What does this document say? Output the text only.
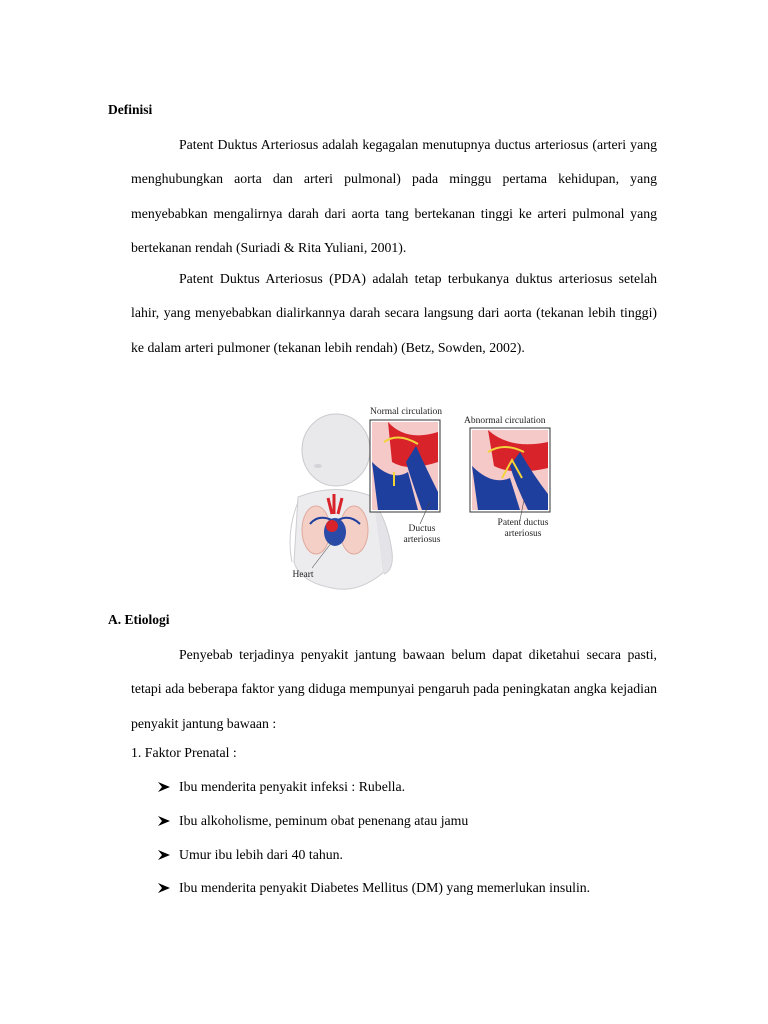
Definisi

Patent Duktus Arteriosus adalah kegagalan menutupnya ductus arteriosus (arteri yang menghubungkan aorta dan arteri pulmonal) pada minggu pertama kehidupan, yang menyebabkan mengalirnya darah dari aorta tang bertekanan tinggi ke arteri pulmonal yang bertekanan rendah (Suriadi & Rita Yuliani, 2001).

Patent Duktus Arteriosus (PDA) adalah tetap terbukanya duktus arteriosus setelah lahir, yang menyebabkan dialirkannya darah secara langsung dari aorta (tekanan lebih tinggi) ke dalam arteri pulmoner (tekanan lebih rendah) (Betz, Sowden, 2002).

Normal circulation
Abnormal circulation
Ductus
arteriosus
Patent ductus
arteriosus
Heart
A. Etiologi

Penyebab terjadinya penyakit jantung bawaan belum dapat diketahui secara pasti, tetapi ada beberapa faktor yang diduga mempunyai pengaruh pada peningkatan angka kejadian penyakit jantung bawaan :

1. Faktor Prenatal :
Ibu menderita penyakit infeksi : Rubella.
Ibu alkoholisme, peminum obat penenang atau jamu
Umur ibu lebih dari 40 tahun.
Ibu menderita penyakit Diabetes Mellitus (DM) yang memerlukan insulin.
